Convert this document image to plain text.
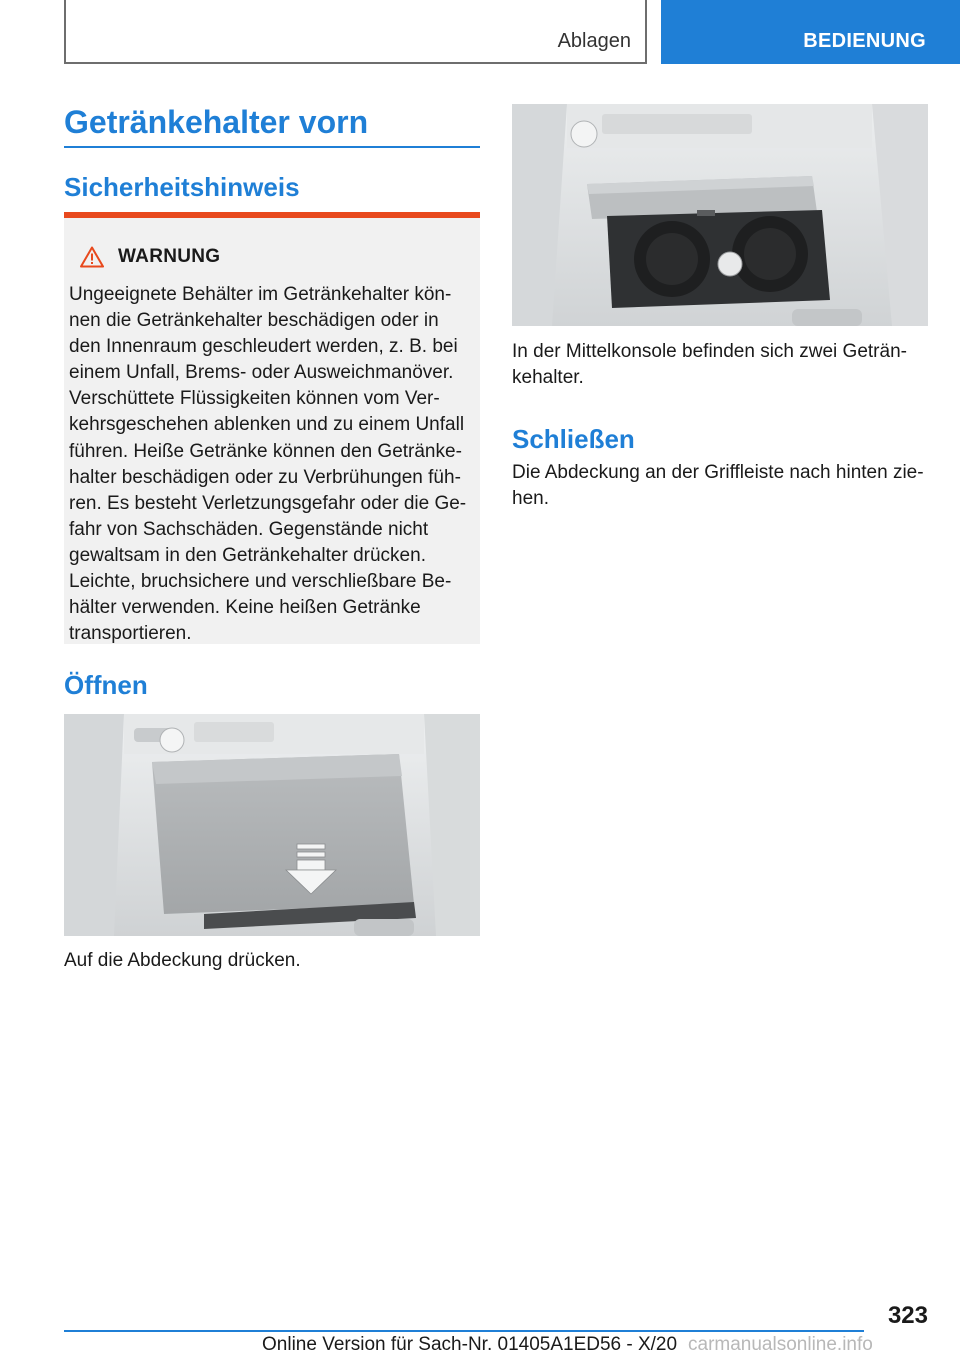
Ablagen	BEDIENUNG
Getränkehalter vorn
Sicherheitshinweis
WARNUNG

Ungeeignete Behälter im Getränkehalter kön-
nen die Getränkehalter beschädigen oder in
den Innenraum geschleudert werden, z. B. bei
einem Unfall, Brems- oder Ausweichmanöver.
Verschüttete Flüssigkeiten können vom Ver-
kehrsgeschehen ablenken und zu einem Unfall
führen. Heiße Getränke können den Getränke-
halter beschädigen oder zu Verbrühungen füh-
ren. Es besteht Verletzungsgefahr oder die Ge-
fahr von Sachschäden. Gegenstände nicht
gewaltsam in den Getränkehalter drücken.
Leichte, bruchsichere und verschließbare Be-
hälter verwenden. Keine heißen Getränke
transportieren.

Öffnen

Auf die Abdeckung drücken.

In der Mittelkonsole befinden sich zwei Geträn-
kehalter.

Schließen

Die Abdeckung an der Griffleiste nach hinten zie-
hen.

323
Online Version für Sach-Nr. 01405A1ED56 - X/20 carmanualsonline.info
